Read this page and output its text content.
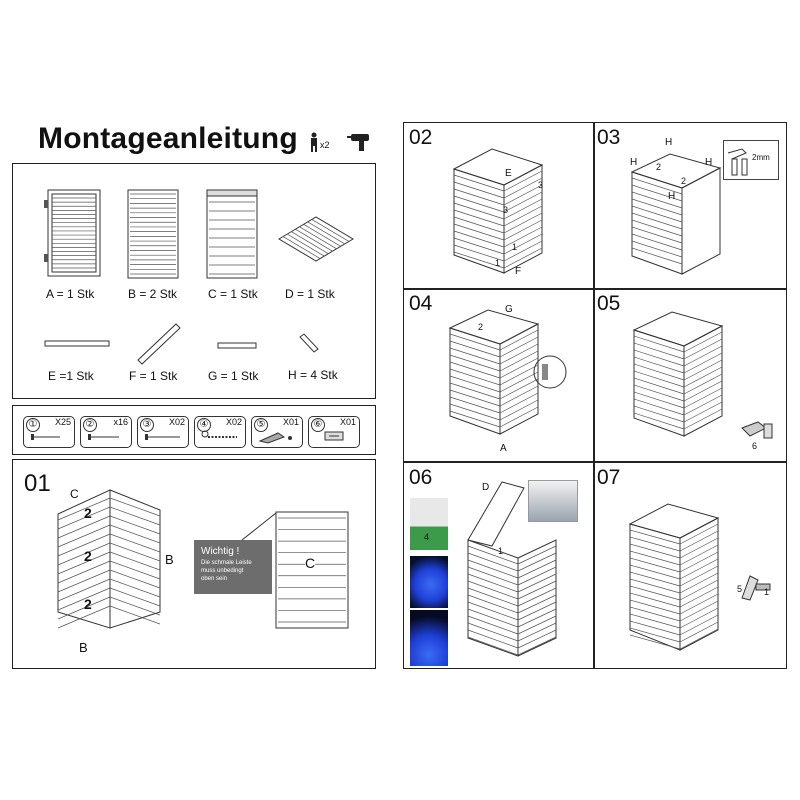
Montageanleitung x2
A = 1 Stk	B = 2 Stk	C = 1 Stk D = 1 Stk
E =1 Stk	F = 1 Stk	G = 1 Stk H = 4 Stk
① X25 ② x16 ③ X02 ④ X02 ⑤ X01 ⑥ X01
01 C
B
B
2
2
2
Wichtig !
Die schmale Leiste
muss unbedingt
oben sein
C
02
E
F
3
3
1
1
03	H
H	H
H
2
2
2mm
04	G
2
A
05
6
06
4
D
1
07
5 1
